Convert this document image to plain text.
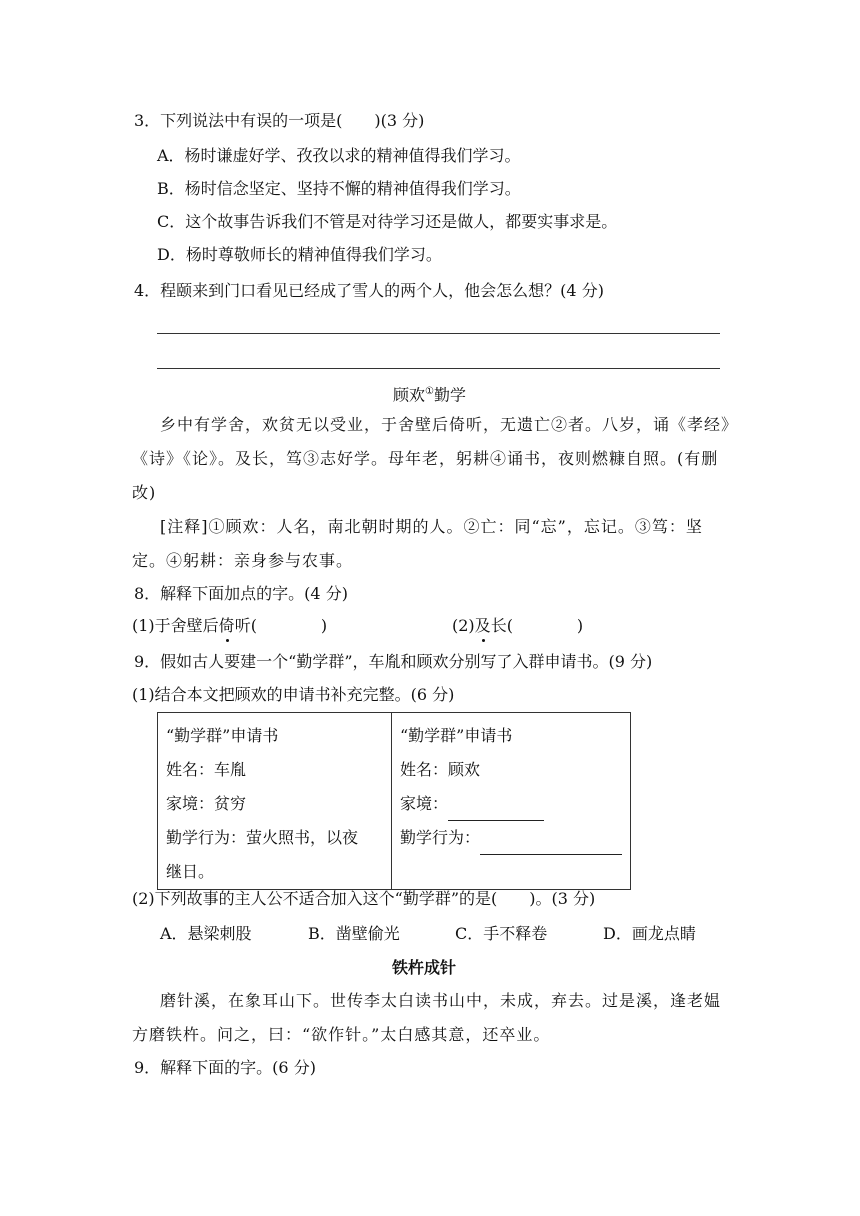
3．下列说法中有误的一项是(　　)(3 分)
A．杨时谦虚好学、孜孜以求的精神值得我们学习。
B．杨时信念坚定、坚持不懈的精神值得我们学习。
C．这个故事告诉我们不管是对待学习还是做人，都要实事求是。
D．杨时尊敬师长的精神值得我们学习。
4．程颐来到门口看见已经成了雪人的两个人，他会怎么想？(4 分)
顾欢①勤学
乡中有学舍，欢贫无以受业，于舍壁后倚听，无遗亡②者。八岁，诵《孝经》
《诗》《论》。及长，笃③志好学。母年老，躬耕④诵书，夜则燃糠自照。(有删
改)
[注释]①顾欢：人名，南北朝时期的人。②亡：同“忘”，忘记。③笃：坚
定。④躬耕：亲身参与农事。
8．解释下面加点的字。(4 分)
(1)于舍壁后倚听(　　　　)	(2)及长(　　　　)
9．假如古人要建一个“勤学群”，车胤和顾欢分别写了入群申请书。(9 分)
(1)结合本文把顾欢的申请书补充完整。(6 分)
“勤学群”申请书
姓名：车胤
家境：贫穷
勤学行为：萤火照书，以夜
继日。

“勤学群”申请书
姓名：顾欢
家境：
勤学行为：
(2)下列故事的主人公不适合加入这个“勤学群”的是(　　)。(3 分)
A．悬梁刺股	B．凿壁偷光	C．手不释卷	D．画龙点睛
铁杵成针
磨针溪，在象耳山下。世传李太白读书山中，未成，弃去。过是溪，逢老媪
方磨铁杵。问之，曰：“欲作针。”太白感其意，还卒业。
9．解释下面的字。(6 分)
